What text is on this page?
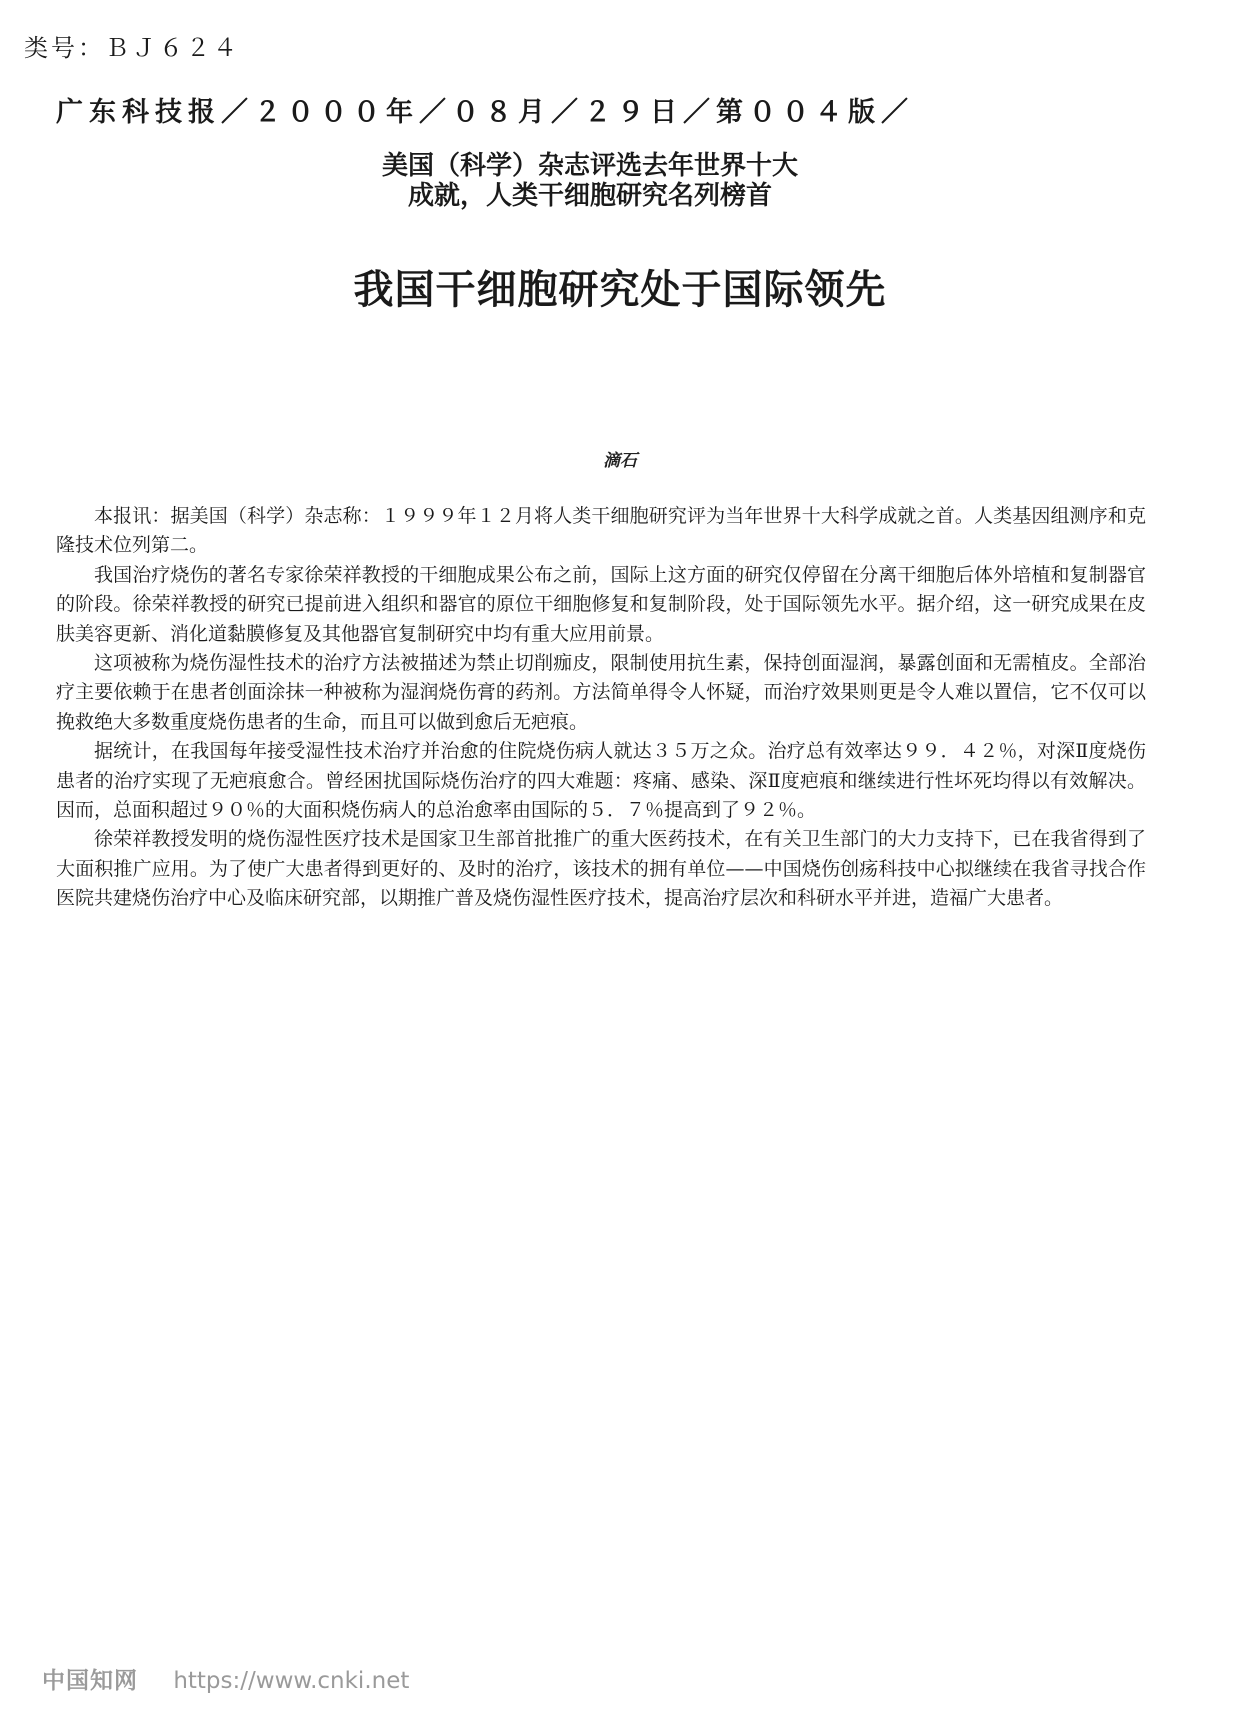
类号：ＢＪ６２４
广东科技报／２０００年／０８月／２９日／第００４版／
美国（科学）杂志评选去年世界十大
成就，人类干细胞研究名列榜首
我国干细胞研究处于国际领先
滴石

本报讯：据美国（科学）杂志称：１９９９年１２月将人类干细胞研究评为当年世界十大科学成就之首。人类基因组测序和克隆技术位列第二。

我国治疗烧伤的著名专家徐荣祥教授的干细胞成果公布之前，国际上这方面的研究仅停留在分离干细胞后体外培植和复制器官的阶段。徐荣祥教授的研究已提前进入组织和器官的原位干细胞修复和复制阶段，处于国际领先水平。据介绍，这一研究成果在皮肤美容更新、消化道黏膜修复及其他器官复制研究中均有重大应用前景。

这项被称为烧伤湿性技术的治疗方法被描述为禁止切削痂皮，限制使用抗生素，保持创面湿润，暴露创面和无需植皮。全部治疗主要依赖于在患者创面涂抹一种被称为湿润烧伤膏的药剂。方法简单得令人怀疑，而治疗效果则更是令人难以置信，它不仅可以挽救绝大多数重度烧伤患者的生命，而且可以做到愈后无疤痕。

据统计，在我国每年接受湿性技术治疗并治愈的住院烧伤病人就达３５万之众。治疗总有效率达９９．４２％，对深Ⅱ度烧伤患者的治疗实现了无疤痕愈合。曾经困扰国际烧伤治疗的四大难题：疼痛、感染、深Ⅱ度疤痕和继续进行性坏死均得以有效解决。因而，总面积超过９０％的大面积烧伤病人的总治愈率由国际的５．７％提高到了９２％。

徐荣祥教授发明的烧伤湿性医疗技术是国家卫生部首批推广的重大医药技术，在有关卫生部门的大力支持下，已在我省得到了大面积推广应用。为了使广大患者得到更好的、及时的治疗，该技术的拥有单位——中国烧伤创疡科技中心拟继续在我省寻找合作医院共建烧伤治疗中心及临床研究部，以期推广普及烧伤湿性医疗技术，提高治疗层次和科研水平并进，造福广大患者。

中国知网 https://www.cnki.net
